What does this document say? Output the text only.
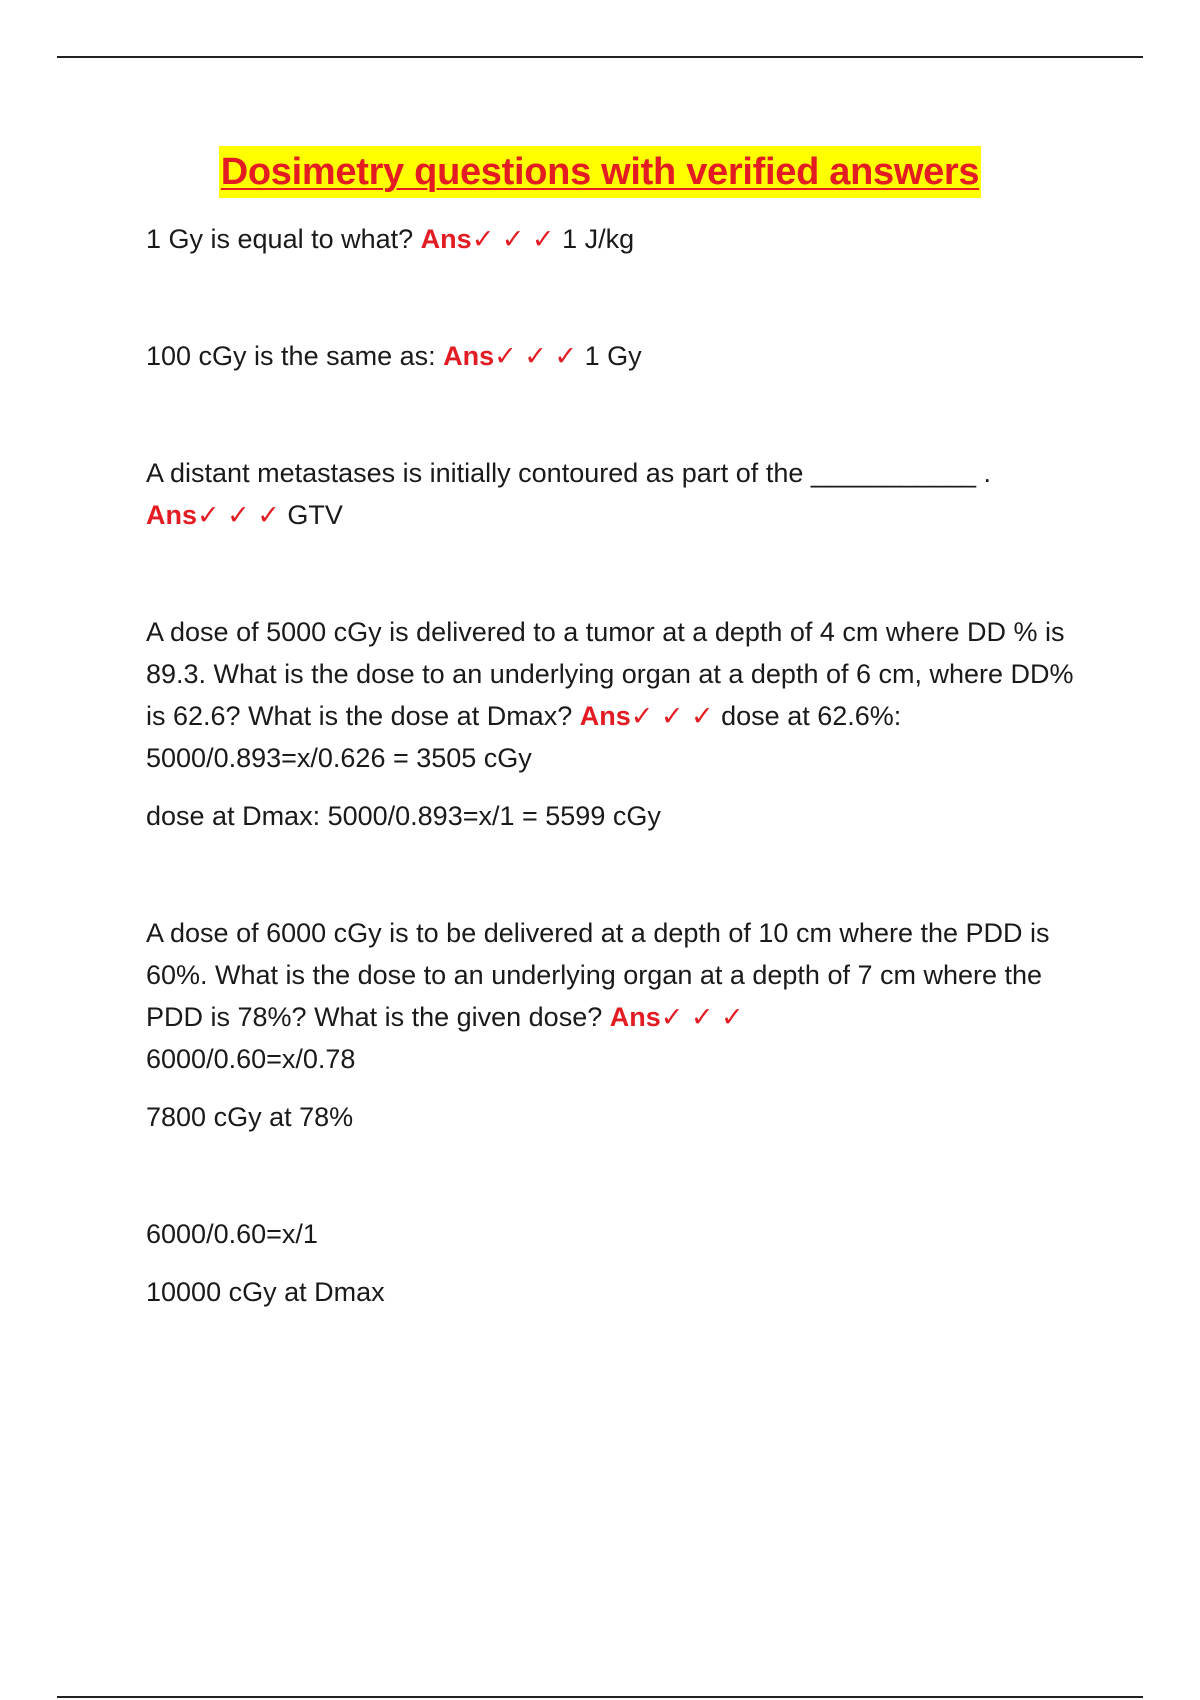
Dosimetry questions with verified answers

1 Gy is equal to what? Ans✓ ✓ ✓ 1 J/kg

100 cGy is the same as: Ans✓ ✓ ✓ 1 Gy

A distant metastases is initially contoured as part of the ___________ .
Ans✓ ✓ ✓ GTV

A dose of 5000 cGy is delivered to a tumor at a depth of 4 cm where DD % is 89.3. What is the dose to an underlying organ at a depth of 6 cm, where DD% is 62.6? What is the dose at Dmax? Ans✓ ✓ ✓ dose at 62.6%: 5000/0.893=x/0.626 = 3505 cGy

dose at Dmax: 5000/0.893=x/1 = 5599 cGy

A dose of 6000 cGy is to be delivered at a depth of 10 cm where the PDD is 60%. What is the dose to an underlying organ at a depth of 7 cm where the PDD is 78%? What is the given dose? Ans✓ ✓ ✓
6000/0.60=x/0.78

7800 cGy at 78%

6000/0.60=x/1

10000 cGy at Dmax
